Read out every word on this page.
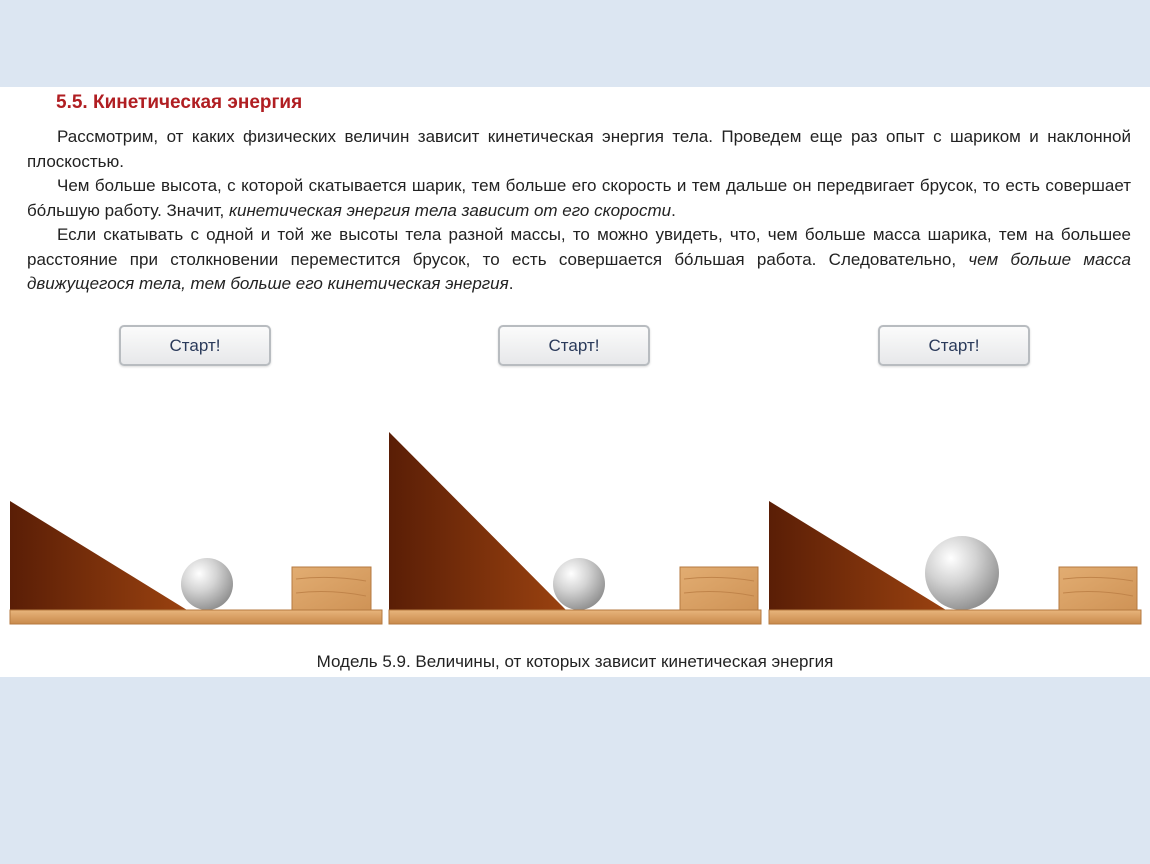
5.5. Кинетическая энергия

Рассмотрим, от каких физических величин зависит кинетическая энергия тела. Проведем еще раз опыт с шариком и наклонной плоскостью.

Чем больше высота, с которой скатывается шарик, тем больше его скорость и тем дальше он передвигает брусок, то есть совершает бóльшую работу. Значит, кинетическая энергия тела зависит от его скорости.

Если скатывать с одной и той же высоты тела разной массы, то можно увидеть, что, чем больше масса шарика, тем на большее расстояние при столкновении переместится брусок, то есть совершается бóльшая работа. Следовательно, чем больше масса движущегося тела, тем больше его кинетическая энергия.

Старт!	Старт!	Старт!
Модель 5.9. Величины, от которых зависит кинетическая энергия
